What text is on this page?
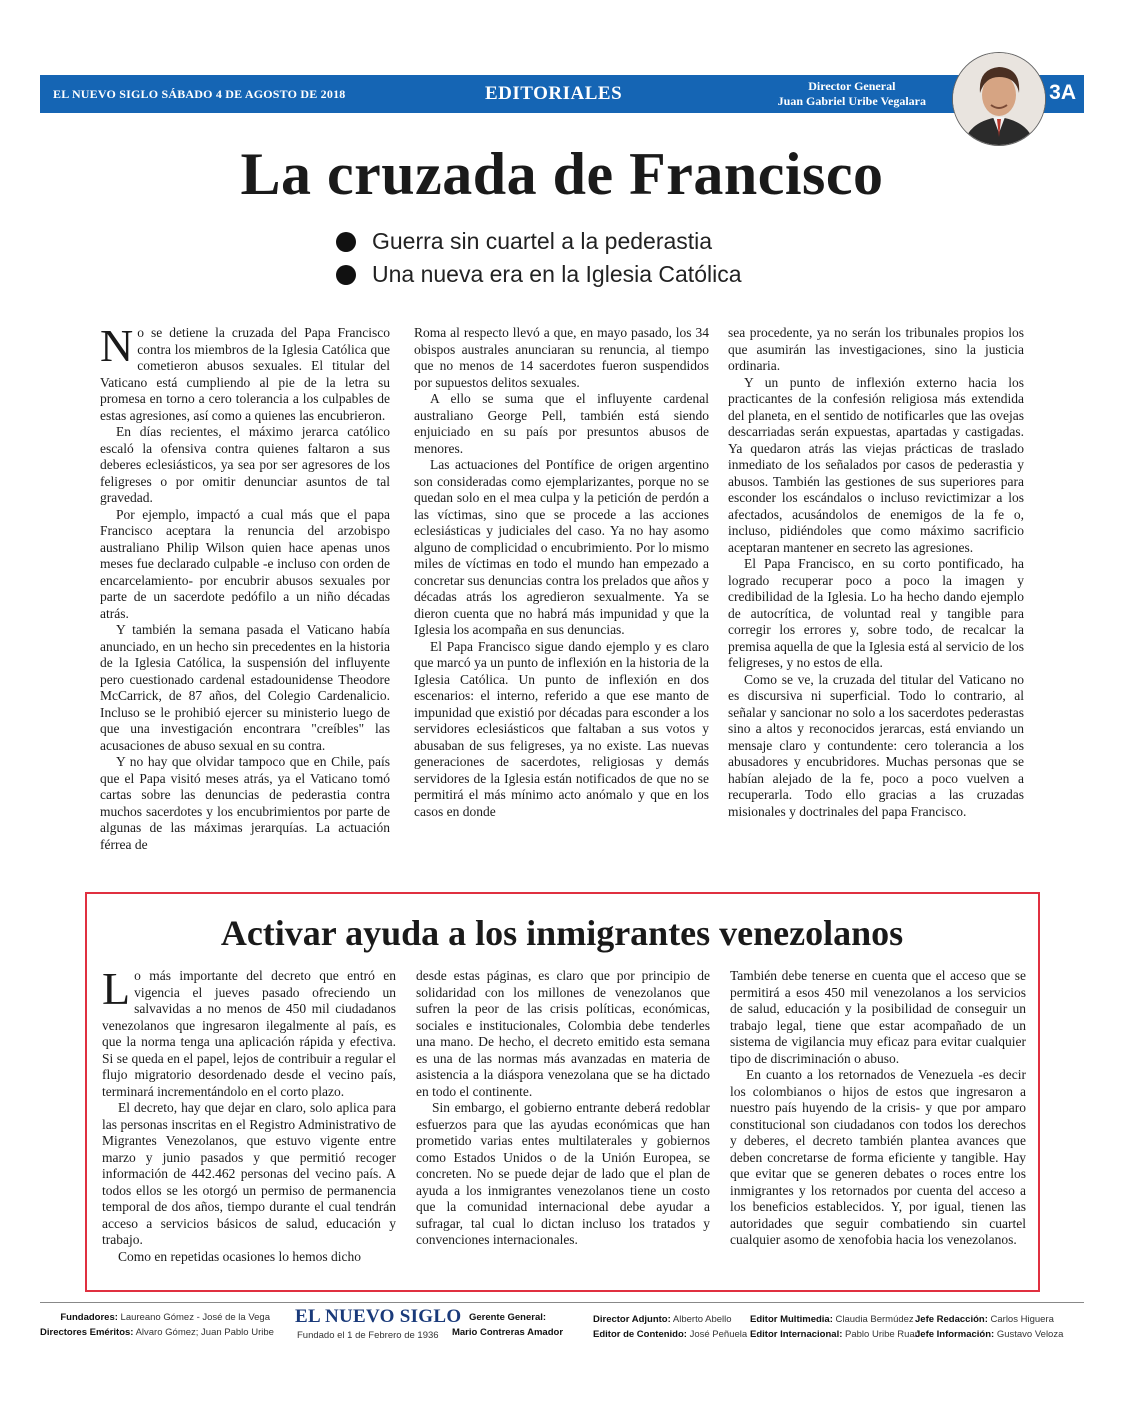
EL NUEVO SIGLO SÁBADO 4 DE AGOSTO DE 2018	EDITORIALES	Director General
Juan Gabriel Uribe Vegalara	3A
La cruzada de Francisco
Guerra sin cuartel a la pederastia
Una nueva era en la Iglesia Católica

No se detiene la cruzada del Papa Francisco contra los miembros de la Iglesia Católica que cometieron abusos sexuales. El titular del Vaticano está cumpliendo al pie de la letra su promesa en torno a cero tolerancia a los culpables de estas agresiones, así como a quienes las encubrieron.

En días recientes, el máximo jerarca católico escaló la ofensiva contra quienes faltaron a sus deberes eclesiásticos, ya sea por ser agresores de los feligreses o por omitir denunciar asuntos de tal gravedad.

Por ejemplo, impactó a cual más que el papa Francisco aceptara la renuncia del arzobispo australiano Philip Wilson quien hace apenas unos meses fue declarado culpable -e incluso con orden de encarcelamiento- por encubrir abusos sexuales por parte de un sacerdote pedófilo a un niño décadas atrás.

Y también la semana pasada el Vaticano había anunciado, en un hecho sin precedentes en la historia de la Iglesia Católica, la suspensión del influyente pero cuestionado cardenal estadounidense Theodore McCarrick, de 87 años, del Colegio Cardenalicio. Incluso se le prohibió ejercer su ministerio luego de que una investigación encontrara "creíbles" las acusaciones de abuso sexual en su contra.

Y no hay que olvidar tampoco que en Chile, país que el Papa visitó meses atrás, ya el Vaticano tomó cartas sobre las denuncias de pederastia contra muchos sacerdotes y los encubrimientos por parte de algunas de las máximas jerarquías. La actuación férrea de

Roma al respecto llevó a que, en mayo pasado, los 34 obispos australes anunciaran su renuncia, al tiempo que no menos de 14 sacerdotes fueron suspendidos por supuestos delitos sexuales.

A ello se suma que el influyente cardenal australiano George Pell, también está siendo enjuiciado en su país por presuntos abusos de menores.

Las actuaciones del Pontífice de origen argentino son consideradas como ejemplarizantes, porque no se quedan solo en el mea culpa y la petición de perdón a las víctimas, sino que se procede a las acciones eclesiásticas y judiciales del caso. Ya no hay asomo alguno de complicidad o encubrimiento. Por lo mismo miles de víctimas en todo el mundo han empezado a concretar sus denuncias contra los prelados que años y décadas atrás los agredieron sexualmente. Ya se dieron cuenta que no habrá más impunidad y que la Iglesia los acompaña en sus denuncias.

El Papa Francisco sigue dando ejemplo y es claro que marcó ya un punto de inflexión en la historia de la Iglesia Católica. Un punto de inflexión en dos escenarios: el interno, referido a que ese manto de impunidad que existió por décadas para esconder a los servidores eclesiásticos que faltaban a sus votos y abusaban de sus feligreses, ya no existe. Las nuevas generaciones de sacerdotes, religiosas y demás servidores de la Iglesia están notificados de que no se permitirá el más mínimo acto anómalo y que en los casos en donde

sea procedente, ya no serán los tribunales propios los que asumirán las investigaciones, sino la justicia ordinaria.

Y un punto de inflexión externo hacia los practicantes de la confesión religiosa más extendida del planeta, en el sentido de notificarles que las ovejas descarriadas serán expuestas, apartadas y castigadas. Ya quedaron atrás las viejas prácticas de traslado inmediato de los señalados por casos de pederastia y abusos. También las gestiones de sus superiores para esconder los escándalos o incluso revictimizar a los afectados, acusándolos de enemigos de la fe o, incluso, pidiéndoles que como máximo sacrificio aceptaran mantener en secreto las agresiones.

El Papa Francisco, en su corto pontificado, ha logrado recuperar poco a poco la imagen y credibilidad de la Iglesia. Lo ha hecho dando ejemplo de autocrítica, de voluntad real y tangible para corregir los errores y, sobre todo, de recalcar la premisa aquella de que la Iglesia está al servicio de los feligreses, y no estos de ella.

Como se ve, la cruzada del titular del Vaticano no es discursiva ni superficial. Todo lo contrario, al señalar y sancionar no solo a los sacerdotes pederastas sino a altos y reconocidos jerarcas, está enviando un mensaje claro y contundente: cero tolerancia a los abusadores y encubridores. Muchas personas que se habían alejado de la fe, poco a poco vuelven a recuperarla. Todo ello gracias a las cruzadas misionales y doctrinales del papa Francisco.

Activar ayuda a los inmigrantes venezolanos

Lo más importante del decreto que entró en vigencia el jueves pasado ofreciendo un salvavidas a no menos de 450 mil ciudadanos venezolanos que ingresaron ilegalmente al país, es que la norma tenga una aplicación rápida y efectiva. Si se queda en el papel, lejos de contribuir a regular el flujo migratorio desordenado desde el vecino país, terminará incrementándolo en el corto plazo.

El decreto, hay que dejar en claro, solo aplica para las personas inscritas en el Registro Administrativo de Migrantes Venezolanos, que estuvo vigente entre marzo y junio pasados y que permitió recoger información de 442.462 personas del vecino país. A todos ellos se les otorgó un permiso de permanencia temporal de dos años, tiempo durante el cual tendrán acceso a servicios básicos de salud, educación y trabajo.

Como en repetidas ocasiones lo hemos dicho

desde estas páginas, es claro que por principio de solidaridad con los millones de venezolanos que sufren la peor de las crisis políticas, económicas, sociales e institucionales, Colombia debe tenderles una mano. De hecho, el decreto emitido esta semana es una de las normas más avanzadas en materia de asistencia a la diáspora venezolana que se ha dictado en todo el continente.

Sin embargo, el gobierno entrante deberá redoblar esfuerzos para que las ayudas económicas que han prometido varias entes multilaterales y gobiernos como Estados Unidos o de la Unión Europea, se concreten. No se puede dejar de lado que el plan de ayuda a los inmigrantes venezolanos tiene un costo que la comunidad internacional debe ayudar a sufragar, tal cual lo dictan incluso los tratados y convenciones internacionales.

También debe tenerse en cuenta que el acceso que se permitirá a esos 450 mil venezolanos a los servicios de salud, educación y la posibilidad de conseguir un trabajo legal, tiene que estar acompañado de un sistema de vigilancia muy eficaz para evitar cualquier tipo de discriminación o abuso.

En cuanto a los retornados de Venezuela -es decir los colombianos o hijos de estos que ingresaron a nuestro país huyendo de la crisis- y que por amparo constitucional son ciudadanos con todos los derechos y deberes, el decreto también plantea avances que deben concretarse de forma eficiente y tangible. Hay que evitar que se generen debates o roces entre los inmigrantes y los retornados por cuenta del acceso a los beneficios establecidos. Y, por igual, tienen las autoridades que seguir combatiendo sin cuartel cualquier asomo de xenofobia hacia los venezolanos.

Fundadores: Laureano Gómez - José de la Vega
Directores Eméritos: Alvaro Gómez; Juan Pablo Uribe
EL NUEVO SIGLO
Fundado el 1 de Febrero de 1936
Gerente General:
Mario Contreras Amador
Director Adjunto: Alberto Abello
Editor de Contenido: José Peñuela
Editor Multimedia: Claudia Bermúdez
Editor Internacional: Pablo Uribe Ruan
Jefe Redacción: Carlos Higuera
Jefe Información: Gustavo Veloza
